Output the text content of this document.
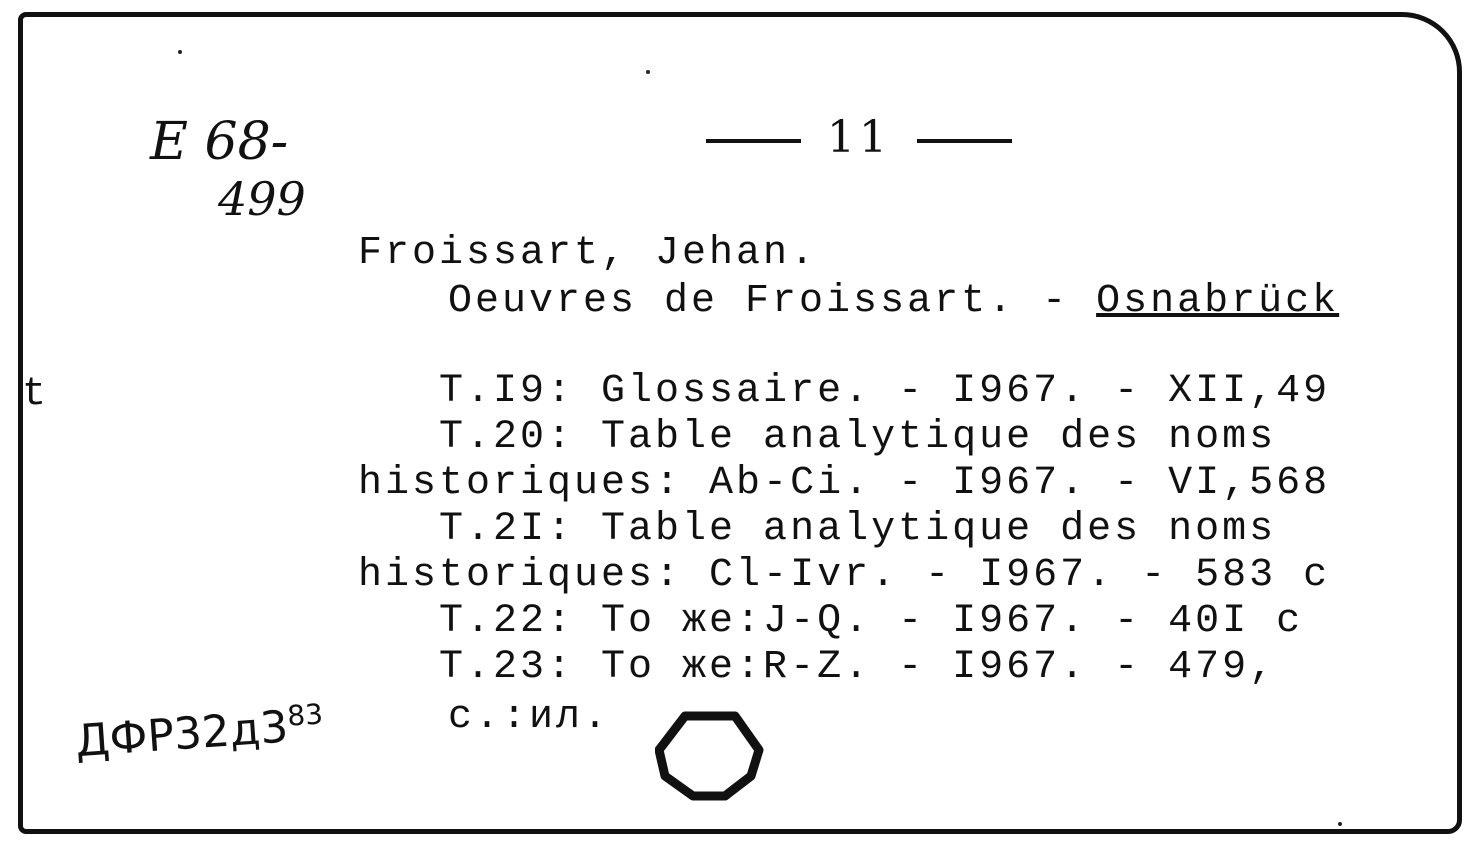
t
E 68-
499
11
Froissart, Jehan.
Oeuvres de Froissart. - Osnabrück
T.I9: Glossaire. - I967. - XII,49
T.20: Table analytique des noms
historiques: Ab-Ci. - I967. - VI,568
T.2I: Table analytique des noms
historiques: Cl-Ivr. - I967. - 583 c
T.22: To же:J-Q. - I967. - 40I c
T.23: To же:R-Z. - I967. - 479,
$ДФР32д3^{83}$	c.:ил.
